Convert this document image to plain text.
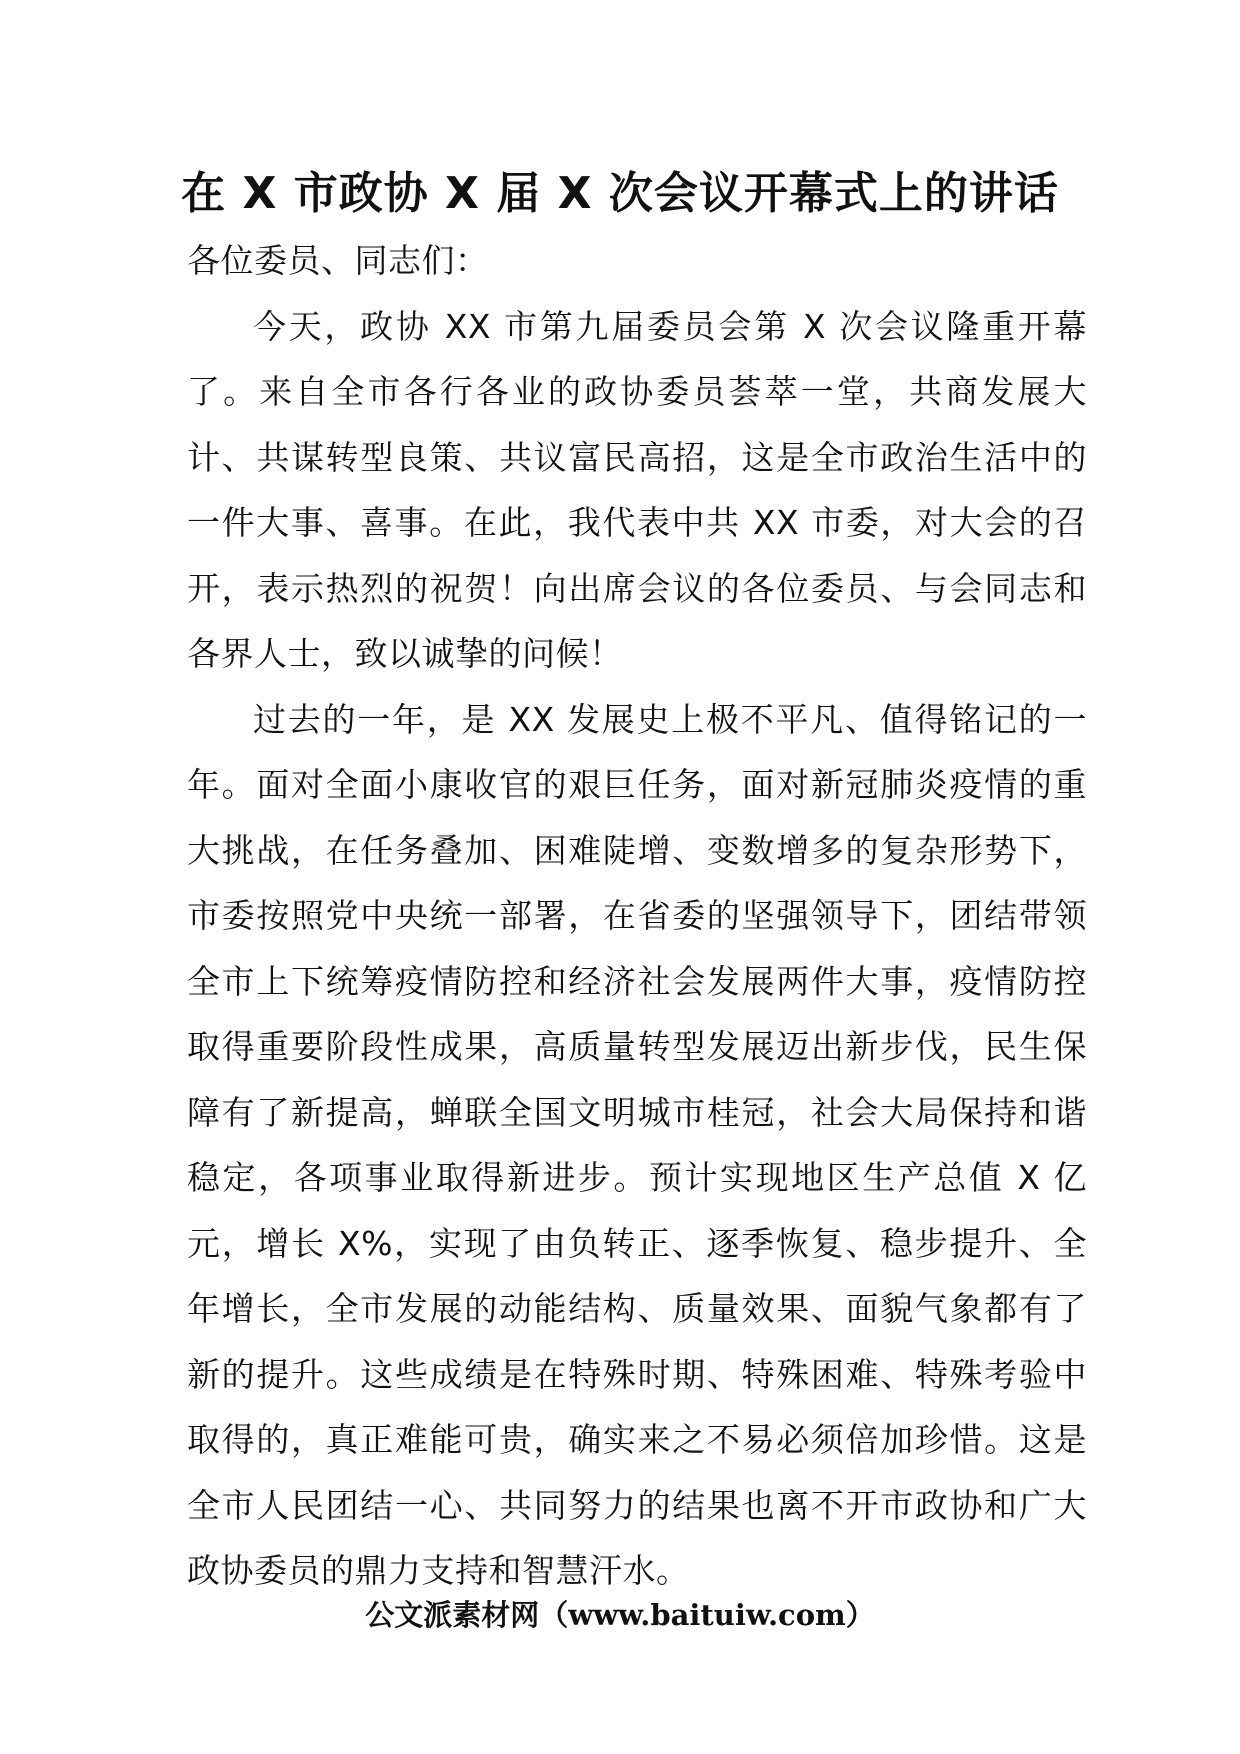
在 X 市政协 X 届 X 次会议开幕式上的讲话

各位委员、同志们：

今天，政协 XX 市第九届委员会第 X 次会议隆重开幕了。来自全市各行各业的政协委员荟萃一堂，共商发展大计、共谋转型良策、共议富民高招，这是全市政治生活中的一件大事、喜事。在此，我代表中共 XX 市委，对大会的召开，表示热烈的祝贺！向出席会议的各位委员、与会同志和各界人士，致以诚挚的问候！

过去的一年，是 XX 发展史上极不平凡、值得铭记的一年。面对全面小康收官的艰巨任务，面对新冠肺炎疫情的重大挑战，在任务叠加、困难陡增、变数增多的复杂形势下，市委按照党中央统一部署，在省委的坚强领导下，团结带领全市上下统筹疫情防控和经济社会发展两件大事，疫情防控取得重要阶段性成果，高质量转型发展迈出新步伐，民生保障有了新提高，蝉联全国文明城市桂冠，社会大局保持和谐稳定，各项事业取得新进步。预计实现地区生产总值 X 亿元，增长 X%，实现了由负转正、逐季恢复、稳步提升、全年增长，全市发展的动能结构、质量效果、面貌气象都有了新的提升。这些成绩是在特殊时期、特殊困难、特殊考验中取得的，真正难能可贵，确实来之不易必须倍加珍惜。这是全市人民团结一心、共同努力的结果也离不开市政协和广大政协委员的鼎力支持和智慧汗水。

公文派素材网（www.baituiw.com）
